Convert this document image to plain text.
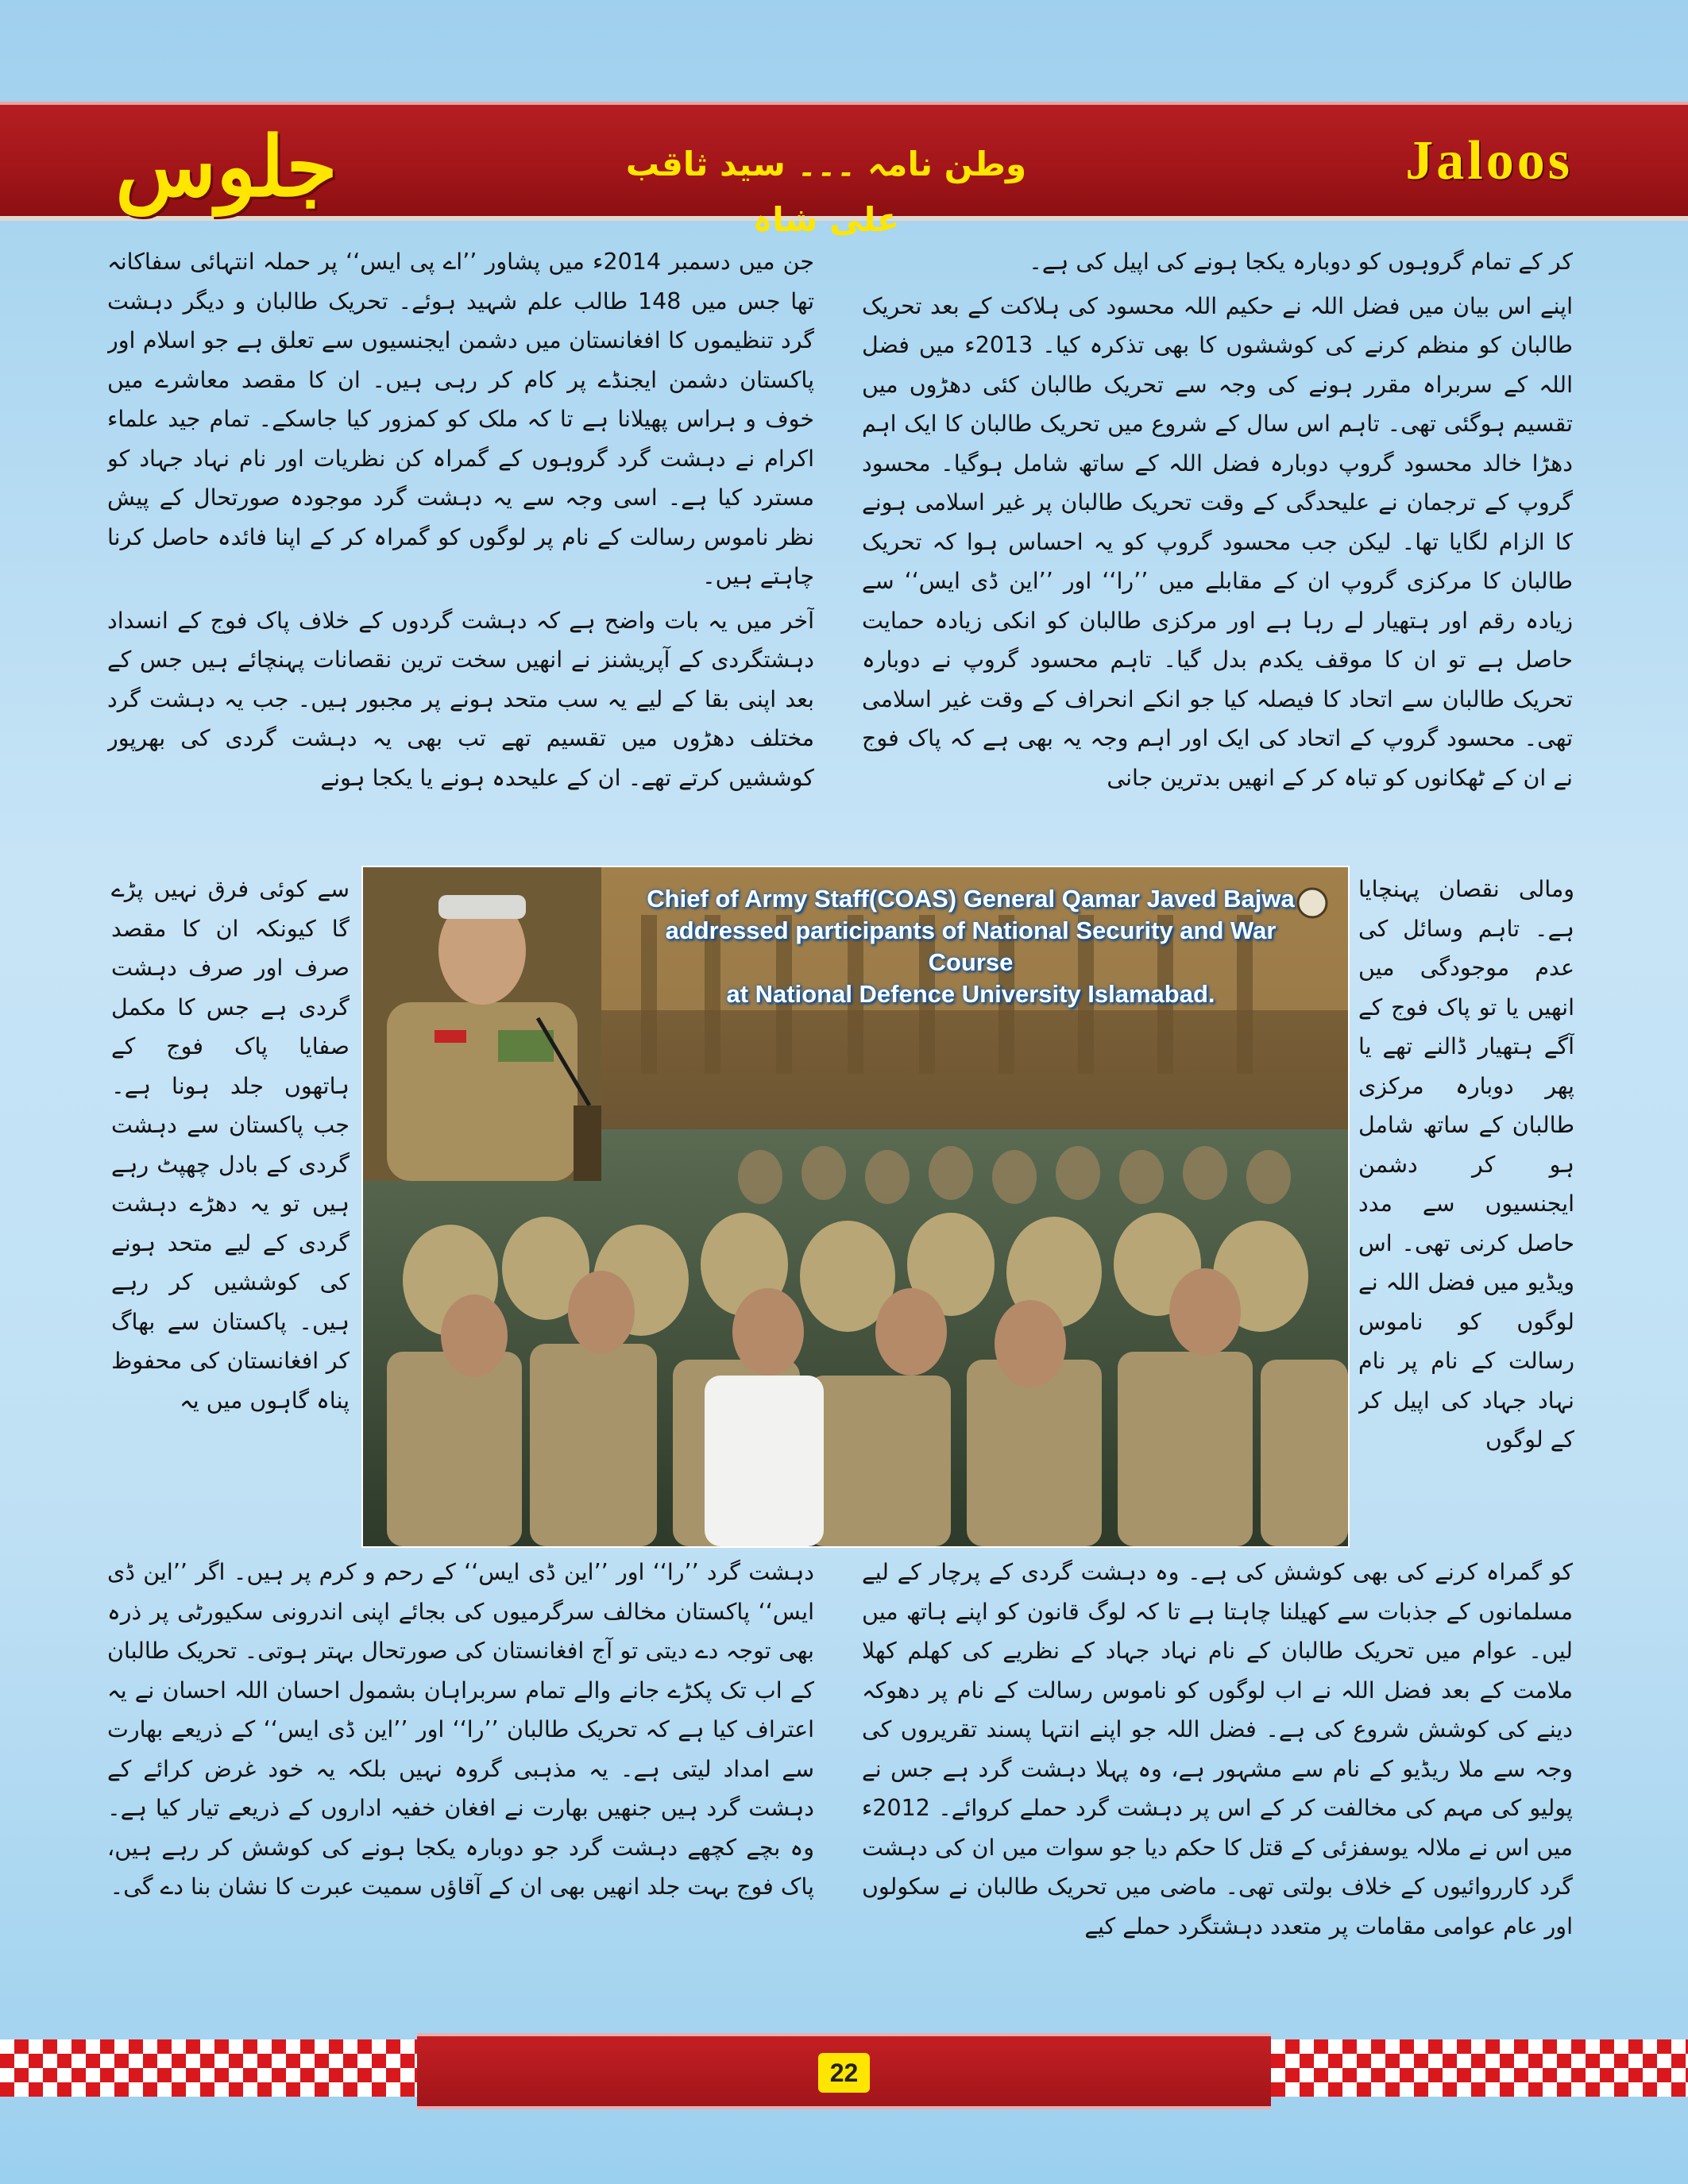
جلوس	وطن نامہ ۔۔۔ سید ثاقب علی شاہ
Jaloos

کر کے تمام گروہوں کو دوبارہ یکجا ہونے کی اپیل کی ہے۔

اپنے اس بیان میں فضل اللہ نے حکیم اللہ محسود کی ہلاکت کے بعد تحریک طالبان کو منظم کرنے کی کوششوں کا بھی تذکرہ کیا۔ 2013ء میں فضل اللہ کے سربراہ مقرر ہونے کی وجہ سے تحریک طالبان کئی دھڑوں میں تقسیم ہوگئی تھی۔ تاہم اس سال کے شروع میں تحریک طالبان کا ایک اہم دھڑا خالد محسود گروپ دوبارہ فضل اللہ کے ساتھ شامل ہوگیا۔ محسود گروپ کے ترجمان نے علیحدگی کے وقت تحریک طالبان پر غیر اسلامی ہونے کا الزام لگایا تھا۔ لیکن جب محسود گروپ کو یہ احساس ہوا کہ تحریک طالبان کا مرکزی گروپ ان کے مقابلے میں ’’را‘‘ اور ’’این ڈی ایس‘‘ سے زیادہ رقم اور ہتھیار لے رہا ہے اور مرکزی طالبان کو انکی زیادہ حمایت حاصل ہے تو ان کا موقف یکدم بدل گیا۔ تاہم محسود گروپ نے دوبارہ تحریک طالبان سے اتحاد کا فیصلہ کیا جو انکے انحراف کے وقت غیر اسلامی تھی۔ محسود گروپ کے اتحاد کی ایک اور اہم وجہ یہ بھی ہے کہ پاک فوج نے ان کے ٹھکانوں کو تباہ کر کے انھیں بدترین جانی

جن میں دسمبر 2014ء میں پشاور ’’اے پی ایس‘‘ پر حملہ انتہائی سفاکانہ تھا جس میں 148 طالب علم شہید ہوئے۔ تحریک طالبان و دیگر دہشت گرد تنظیموں کا افغانستان میں دشمن ایجنسیوں سے تعلق ہے جو اسلام اور پاکستان دشمن ایجنڈے پر کام کر رہی ہیں۔ ان کا مقصد معاشرے میں خوف و ہراس پھیلانا ہے تا کہ ملک کو کمزور کیا جاسکے۔ تمام جید علماء اکرام نے دہشت گرد گروہوں کے گمراہ کن نظریات اور نام نہاد جہاد کو مسترد کیا ہے۔ اسی وجہ سے یہ دہشت گرد موجودہ صورتحال کے پیش نظر ناموس رسالت کے نام پر لوگوں کو گمراہ کر کے اپنا فائدہ حاصل کرنا چاہتے ہیں۔

آخر میں یہ بات واضح ہے کہ دہشت گردوں کے خلاف پاک فوج کے انسداد دہشتگردی کے آپریشنز نے انھیں سخت ترین نقصانات پہنچائے ہیں جس کے بعد اپنی بقا کے لیے یہ سب متحد ہونے پر مجبور ہیں۔ جب یہ دہشت گرد مختلف دھڑوں میں تقسیم تھے تب بھی یہ دہشت گردی کی بھرپور کوششیں کرتے تھے۔ ان کے علیحدہ ہونے یا یکجا ہونے

ومالی نقصان پہنچایا ہے۔ تاہم وسائل کی عدم موجودگی میں انھیں یا تو پاک فوج کے آگے ہتھیار ڈالنے تھے یا پھر دوبارہ مرکزی طالبان کے ساتھ شامل ہو کر دشمن ایجنسیوں سے مدد حاصل کرنی تھی۔ اس ویڈیو میں فضل اللہ نے لوگوں کو ناموس رسالت کے نام پر نام نہاد جہاد کی اپیل کر کے لوگوں

سے کوئی فرق نہیں پڑے گا کیونکہ ان کا مقصد صرف اور صرف دہشت گردی ہے جس کا مکمل صفایا پاک فوج کے ہاتھوں جلد ہونا ہے۔ جب پاکستان سے دہشت گردی کے بادل چھپٹ رہے ہیں تو یہ دھڑے دہشت گردی کے لیے متحد ہونے کی کوششیں کر رہے ہیں۔ پاکستان سے بھاگ کر افغانستان کی محفوظ پناہ گاہوں میں یہ

Chief of Army Staff(COAS) General Qamar Javed Bajwa
addressed participants of National Security and War Course
at National Defence University Islamabad.

کو گمراہ کرنے کی بھی کوشش کی ہے۔ وہ دہشت گردی کے پرچار کے لیے مسلمانوں کے جذبات سے کھیلنا چاہتا ہے تا کہ لوگ قانون کو اپنے ہاتھ میں لیں۔ عوام میں تحریک طالبان کے نام نہاد جہاد کے نظریے کی کھلم کھلا ملامت کے بعد فضل اللہ نے اب لوگوں کو ناموس رسالت کے نام پر دھوکہ دینے کی کوشش شروع کی ہے۔ فضل اللہ جو اپنے انتہا پسند تقریروں کی وجہ سے ملا ریڈیو کے نام سے مشہور ہے، وہ پہلا دہشت گرد ہے جس نے پولیو کی مہم کی مخالفت کر کے اس پر دہشت گرد حملے کروائے۔ 2012ء میں اس نے ملالہ یوسفزئی کے قتل کا حکم دیا جو سوات میں ان کی دہشت گرد کارروائیوں کے خلاف بولتی تھی۔ ماضی میں تحریک طالبان نے سکولوں اور عام عوامی مقامات پر متعدد دہشتگرد حملے کیے

دہشت گرد ’’را‘‘ اور ’’این ڈی ایس‘‘ کے رحم و کرم پر ہیں۔ اگر ’’این ڈی ایس‘‘ پاکستان مخالف سرگرمیوں کی بجائے اپنی اندرونی سکیورٹی پر ذرہ بھی توجہ دے دیتی تو آج افغانستان کی صورتحال بہتر ہوتی۔ تحریک طالبان کے اب تک پکڑے جانے والے تمام سربراہان بشمول احسان اللہ احسان نے یہ اعتراف کیا ہے کہ تحریک طالبان ’’را‘‘ اور ’’این ڈی ایس‘‘ کے ذریعے بھارت سے امداد لیتی ہے۔ یہ مذہبی گروہ نہیں بلکہ یہ خود غرض کرائے کے دہشت گرد ہیں جنھیں بھارت نے افغان خفیہ اداروں کے ذریعے تیار کیا ہے۔ وہ بچے کچھے دہشت گرد جو دوبارہ یکجا ہونے کی کوشش کر رہے ہیں، پاک فوج بہت جلد انھیں بھی ان کے آقاؤں سمیت عبرت کا نشان بنا دے گی۔

22
